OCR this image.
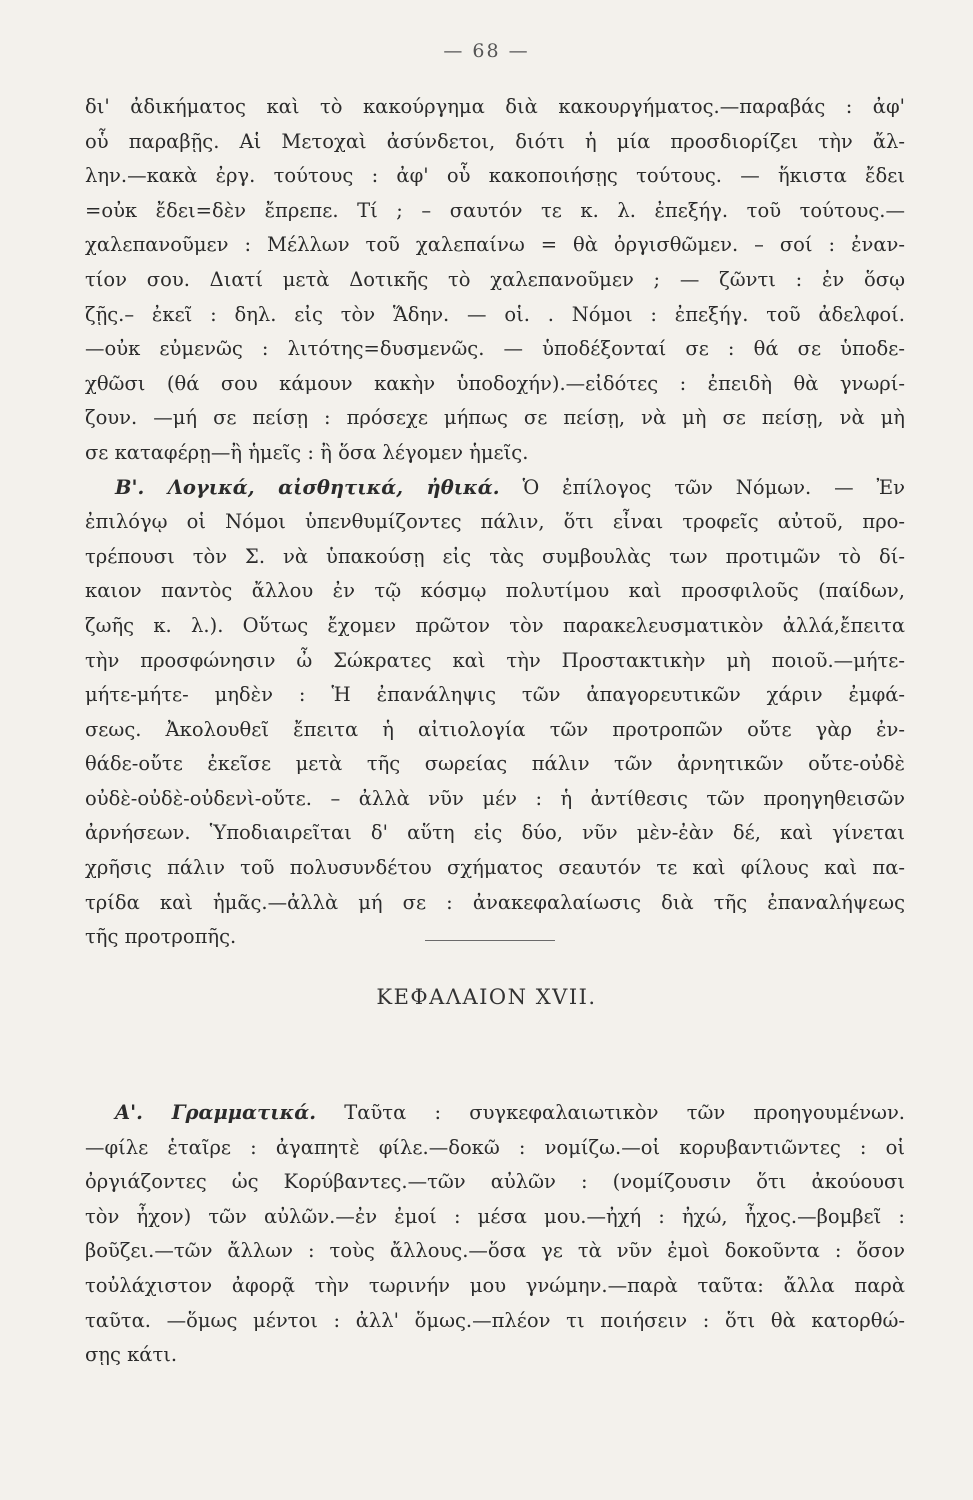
— 68 —
δι' ἀδικήματος καὶ τὸ κακούργημα διὰ κακουργήματος.—παραβάς : ἀφ'
οὗ παραβῇς. Αἱ Μετοχαὶ ἀσύνδετοι, διότι ἡ μία προσδιορίζει τὴν ἄλ-
λην.—κακὰ ἐργ. τούτους : ἀφ' οὗ κακοποιήσῃς τούτους. — ἥκιστα ἔδει
=οὐκ ἔδει=δὲν ἔπρεπε. Τί ; – σαυτόν τε κ. λ. ἐπεξήγ. τοῦ τούτους.—
χαλεπανοῦμεν : Μέλλων τοῦ χαλεπαίνω = θὰ ὀργισθῶμεν. – σοί : ἐναν-
τίον σου. Διατί μετὰ Δοτικῆς τὸ χαλεπανοῦμεν ; — ζῶντι : ἐν ὅσῳ
ζῇς.– ἐκεῖ : δηλ. εἰς τὸν Ἅδην. — οἱ. . Νόμοι : ἐπεξήγ. τοῦ ἀδελφοί.
—οὐκ εὐμενῶς : λιτότης=δυσμενῶς. — ὑποδέξονταί σε : θά σε ὑποδε-
χθῶσι (θά σου κάμουν κακὴν ὑποδοχήν).—εἰδότες : ἐπειδὴ θὰ γνωρί-
ζουν. —μή σε πείσῃ : πρόσεχε μήπως σε πείσῃ, νὰ μὴ σε πείσῃ, νὰ μὴ
σε καταφέρῃ—ἢ ἡμεῖς : ἢ ὅσα λέγομεν ἡμεῖς.
Β'. Λογικά, αἰσθητικά, ἠθικά. Ὁ ἐπίλογος τῶν Νόμων. — Ἐν
ἐπιλόγῳ οἱ Νόμοι ὑπενθυμίζοντες πάλιν, ὅτι εἶναι τροφεῖς αὐτοῦ, προ-
τρέπουσι τὸν Σ. νὰ ὑπακούσῃ εἰς τὰς συμβουλὰς των προτιμῶν τὸ δί-
καιον παντὸς ἄλλου ἐν τῷ κόσμῳ πολυτίμου καὶ προσφιλοῦς (παίδων,
ζωῆς κ. λ.). Οὕτως ἔχομεν πρῶτον τὸν παρακελευσματικὸν ἀλλά,ἔπειτα
τὴν προσφώνησιν ὦ Σώκρατες καὶ τὴν Προστακτικὴν μὴ ποιοῦ.—μήτε-
μήτε-μήτε- μηδὲν : Ἡ ἐπανάληψις τῶν ἀπαγορευτικῶν χάριν ἐμφά-
σεως. Ἀκολουθεῖ ἔπειτα ἡ αἰτιολογία τῶν προτροπῶν οὔτε γὰρ ἐν-
θάδε-οὔτε ἐκεῖσε μετὰ τῆς σωρείας πάλιν τῶν ἀρνητικῶν οὔτε-οὐδὲ
οὐδὲ-οὐδὲ-οὐδενὶ-οὔτε. – ἀλλὰ νῦν μέν : ἡ ἀντίθεσις τῶν προηγηθεισῶν
ἀρνήσεων. Ὑποδιαιρεῖται δ' αὕτη εἰς δύο, νῦν μὲν-ἐὰν δέ, καὶ γίνεται
χρῆσις πάλιν τοῦ πολυσυνδέτου σχήματος σεαυτόν τε καὶ φίλους καὶ πα-
τρίδα καὶ ἡμᾶς.—ἀλλὰ μή σε : ἀνακεφαλαίωσις διὰ τῆς ἐπαναλήψεως
τῆς προτροπῆς.
ΚΕΦΑΛΑΙΟΝ XVII.
Α'. Γραμματικά. Ταῦτα : συγκεφαλαιωτικὸν τῶν προηγουμένων.
—φίλε ἑταῖρε : ἀγαπητὲ φίλε.—δοκῶ : νομίζω.—οἱ κορυβαντιῶντες : οἱ
ὀργιάζοντες ὡς Κορύβαντες.—τῶν αὐλῶν : (νομίζουσιν ὅτι ἀκούουσι
τὸν ἦχον) τῶν αὐλῶν.—ἐν ἐμοί : μέσα μου.—ἠχή : ἠχώ, ἦχος.—βομβεῖ :
βοῦζει.—τῶν ἄλλων : τοὺς ἄλλους.—ὅσα γε τὰ νῦν ἐμοὶ δοκοῦντα : ὅσον
τοὐλάχιστον ἀφορᾷ τὴν τωρινήν μου γνώμην.—παρὰ ταῦτα: ἄλλα παρὰ
ταῦτα. —ὅμως μέντοι : ἀλλ' ὅμως.—πλέον τι ποιήσειν : ὅτι θὰ κατορθώ-
σῃς κάτι.
